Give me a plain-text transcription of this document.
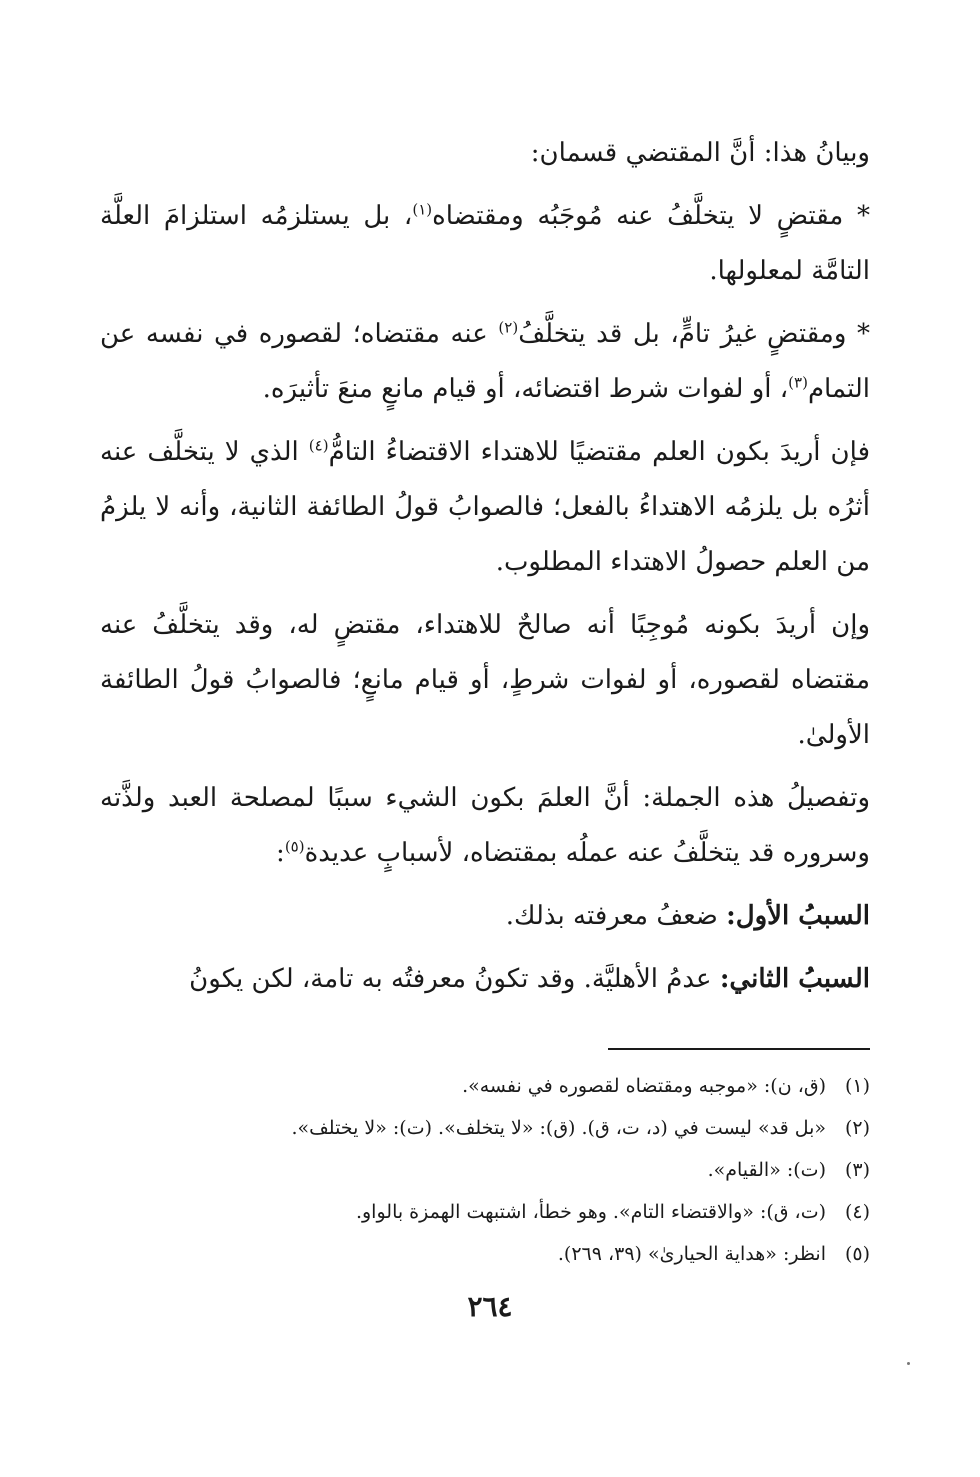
وبيانُ هذا: أنَّ المقتضي قسمان:

* مقتضٍ لا يتخلَّفُ عنه مُوجَبُه ومقتضاه$^{(١)}$، بل يستلزمُه استلزامَ العلَّة التامَّة لمعلولها.

* ومقتضٍ غيرُ تامٍّ، بل قد يتخلَّفُ$^{(٢)}$ عنه مقتضاه؛ لقصوره في نفسه عن التمام$^{(٣)}$، أو لفوات شرط اقتضائه، أو قيام مانعٍ منعَ تأثيرَه.

فإن أريدَ بكون العلم مقتضيًا للاهتداء الاقتضاءُ التامُّ$^{(٤)}$ الذي لا يتخلَّف عنه أثرُه بل يلزمُه الاهتداءُ بالفعل؛ فالصوابُ قولُ الطائفة الثانية، وأنه لا يلزمُ من العلم حصولُ الاهتداء المطلوب.

وإن أريدَ بكونه مُوجِبًا أنه صالحٌ للاهتداء، مقتضٍ له، وقد يتخلَّفُ عنه مقتضاه لقصوره، أو لفوات شرطٍ، أو قيام مانعٍ؛ فالصوابُ قولُ الطائفة الأولىٰ.

وتفصيلُ هذه الجملة: أنَّ العلمَ بكون الشيء سببًا لمصلحة العبد ولذَّته وسروره قد يتخلَّفُ عنه عملُه بمقتضاه، لأسبابٍ عديدة$^{(٥)}$:

السببُ الأول: ضعفُ معرفته بذلك.

السببُ الثاني: عدمُ الأهليَّة. وقد تكونُ معرفتُه به تامة، لكن يكونُ

(١)(ق، ن): «موجبه ومقتضاه لقصوره في نفسه».

(٢)«بل قد» ليست في (د، ت، ق). (ق): «لا يتخلف». (ت): «لا يختلف».

(٣)(ت): «القيام».

(٤)(ت، ق): «والاقتضاء التام». وهو خطأ، اشتبهت الهمزة بالواو.

(٥)انظر: «هداية الحيارىٰ» (٣٩، ٢٦٩).

٢٦٤
